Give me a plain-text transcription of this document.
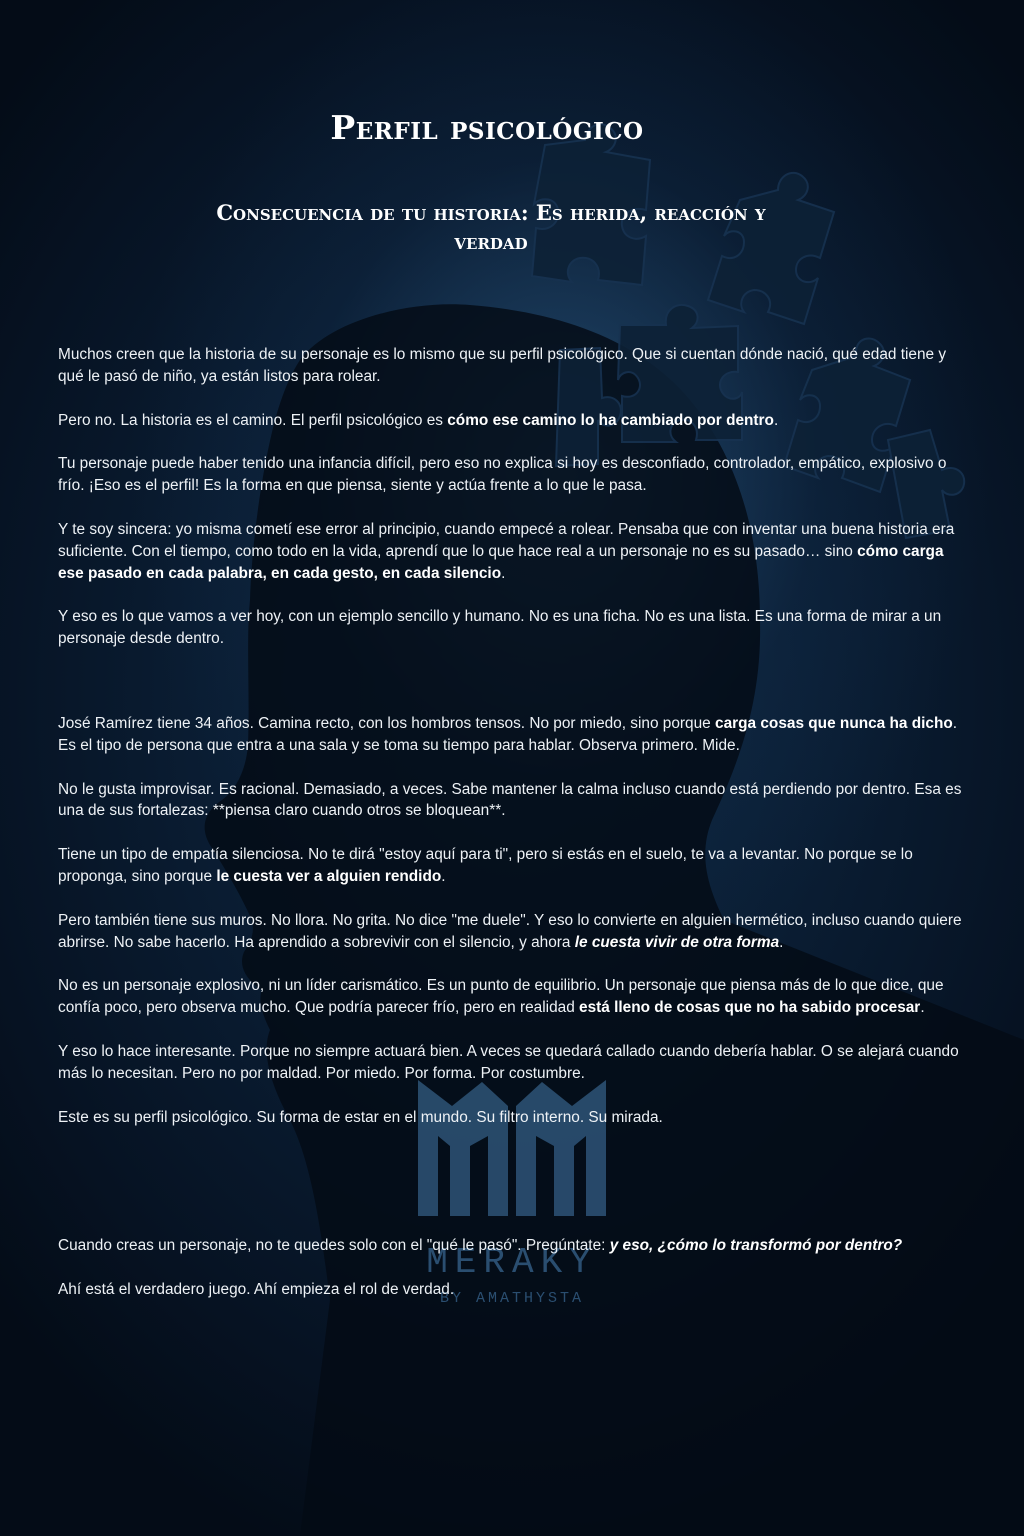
MERAKY
BY AMATHYSTA
Perfil psicológico
Consecuencia de tu historia: Es herida, reacción y verdad

Muchos creen que la historia de su personaje es lo mismo que su perfil psicológico. Que si cuentan dónde nació, qué edad tiene y qué le pasó de niño, ya están listos para rolear.

Pero no. La historia es el camino. El perfil psicológico es cómo ese camino lo ha cambiado por dentro.

Tu personaje puede haber tenido una infancia difícil, pero eso no explica si hoy es desconfiado, controlador, empático, explosivo o frío. ¡Eso es el perfil! Es la forma en que piensa, siente y actúa frente a lo que le pasa.

Y te soy sincera: yo misma cometí ese error al principio, cuando empecé a rolear. Pensaba que con inventar una buena historia era suficiente. Con el tiempo, como todo en la vida, aprendí que lo que hace real a un personaje no es su pasado… sino cómo carga ese pasado en cada palabra, en cada gesto, en cada silencio.

Y eso es lo que vamos a ver hoy, con un ejemplo sencillo y humano. No es una ficha. No es una lista. Es una forma de mirar a un personaje desde dentro.

José Ramírez tiene 34 años. Camina recto, con los hombros tensos. No por miedo, sino porque carga cosas que nunca ha dicho. Es el tipo de persona que entra a una sala y se toma su tiempo para hablar. Observa primero. Mide.

No le gusta improvisar. Es racional. Demasiado, a veces. Sabe mantener la calma incluso cuando está perdiendo por dentro. Esa es una de sus fortalezas: **piensa claro cuando otros se bloquean**.

Tiene un tipo de empatía silenciosa. No te dirá "estoy aquí para ti", pero si estás en el suelo, te va a levantar. No porque se lo proponga, sino porque le cuesta ver a alguien rendido.

Pero también tiene sus muros. No llora. No grita. No dice "me duele". Y eso lo convierte en alguien hermético, incluso cuando quiere abrirse. No sabe hacerlo. Ha aprendido a sobrevivir con el silencio, y ahora le cuesta vivir de otra forma.

No es un personaje explosivo, ni un líder carismático. Es un punto de equilibrio. Un personaje que piensa más de lo que dice, que confía poco, pero observa mucho. Que podría parecer frío, pero en realidad está lleno de cosas que no ha sabido procesar.

Y eso lo hace interesante. Porque no siempre actuará bien. A veces se quedará callado cuando debería hablar. O se alejará cuando más lo necesitan. Pero no por maldad. Por miedo. Por forma. Por costumbre.

Este es su perfil psicológico. Su forma de estar en el mundo. Su filtro interno. Su mirada.

Cuando creas un personaje, no te quedes solo con el "qué le pasó". Pregúntate: y eso, ¿cómo lo transformó por dentro?

Ahí está el verdadero juego. Ahí empieza el rol de verdad.
